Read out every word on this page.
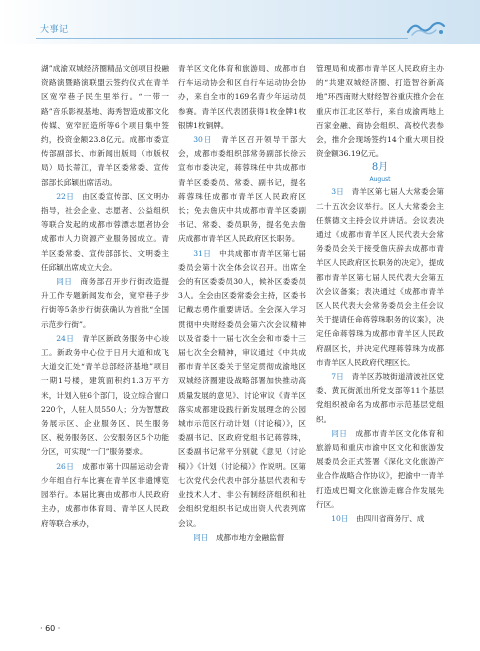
大事记

湖”成渝双城经济圈精品文创项目投融资路演暨路演联盟云签约仪式在青羊区宽窄巷子民生里举行。“一带一路”音乐影视基地、海秀智造成都文化传媒、宽窄匠造所等6个项目集中签约，投资金额23.8亿元。成都市委宣传部副部长、市新闻出版局（市版权局）局长蒂江，青羊区委常委、宣传部部长邱颖出席活动。

22日　 由区委宣传部、区文明办指导，社会企业、志愿者、公益组织等联合发起的成都市蓉漂志愿者协会成都市人力资源产业服务园成立。青羊区委常委、宣传部部长、文明委主任邱颖出席成立大会。

同日　 商务部召开步行街改造提升工作专题新闻发布会，宽窄巷子步行街等5条步行街获确认为首批“全国示范步行街”。

24日　 青羊区新政务服务中心竣工。新政务中心位于日月大道和成飞大道交汇处“青羊总部经济基地”项目一期1号楼，建筑面积约1.3万平方米，计划入驻6个部门，设立综合窗口220个，人驻人员550人；分为智慧政务展示区、企业服务区、民生服务区、税务服务区、公安服务区5个功能分区，可实现“一门”服务要求。

26日　 成都市第十四届运动会青少年组自行车比赛在青羊区非遗博览园举行。本届比赛由成都市人民政府主办，成都市体育局、青羊区人民政府等联合承办，

青羊区文化体育和旅游局、成都市自行车运动协会和区自行车运动协会协办，来自全市的169名青少年运动员参赛。青羊区代表团获得1枚金牌1枚银牌1枚铜牌。

30日　 青羊区召开领导干部大会，成都市委组织部常务副部长徐云宣布市委决定，蒋蓉珠任中共成都市青羊区委委员、常委、副书记，提名蒋蓉珠任成都市青羊区人民政府区长；免去詹庆中共成都市青羊区委副书记、常委、委员职务，提名免去詹庆成都市青羊区人民政府区长职务。

31日　 中共成都市青羊区第七届委员会第十次全体会议召开。出席全会的有区委委员30人，候补区委委员3人。全会由区委常委会主持，区委书记戴志勇作重要讲话。全会深入学习贯彻中央财经委员会第六次会议精神以及省委十一届七次全会和市委十三届七次全会精神，审议通过《中共成都市青羊区委关于坚定贯彻成渝地区双城经济圈建设战略部署加快推动高质量发展的意见》、讨论审议《青羊区落实成都建设践行新发展理念的公园城市示范区行动计划（讨论稿）》，区委副书记、区政府党组书记蒋蓉珠，区委副书记常平分别就《意见（讨论稿）》《计划（讨论稿）》作说明。区第七次党代会代表中部分基层代表和专业技术人才、非公有制经济组织和社会组织党组织书记成出资人代表列席会议。

同日　 成都市地方金融监督

管理局和成都市青羊区人民政府主办的“共建双城经济圈、打造智谷新高地”环西南财大财经智谷重庆推介会在重庆市江北区举行，来自成渝两地上百家金融、商协会组织、高校代表参会，推介会现场签约14个重大项目投资金额36.19亿元。

8月

August

3日　 青羊区第七届人大常委会第二十五次会议举行。区人大常委会主任蔡德文主持会议并讲话。会议表决通过《成都市青羊区人民代表大会常务委员会关于接受詹庆辞去成都市青羊区人民政府区长职务的决定》，提成都市青羊区第七届人民代表大会第五次会议备案；表决通过《成都市青羊区人民代表大会常务委员会主任会议关于提请任命蒋蓉珠职务的议案》，决定任命蒋蓉珠为成都市青羊区人民政府副区长，并决定代理蒋蓉珠为成都市青羊区人民政府代理区长。

7日　 青羊区苏坡街道清波社区党委、黄瓦街派出所党支部等11个基层党组织被命名为成都市示范基层党组织。

同日　 成都市青羊区文化体育和旅游局和重庆市渝中区文化和旅游发展委员会正式签署《深化文化旅游产业合作战略合作协议》，把渝中一青羊打造成巴蜀文化旅游走廊合作发展先行区。

10日　 由四川省商务厅、成

· 60 ·
